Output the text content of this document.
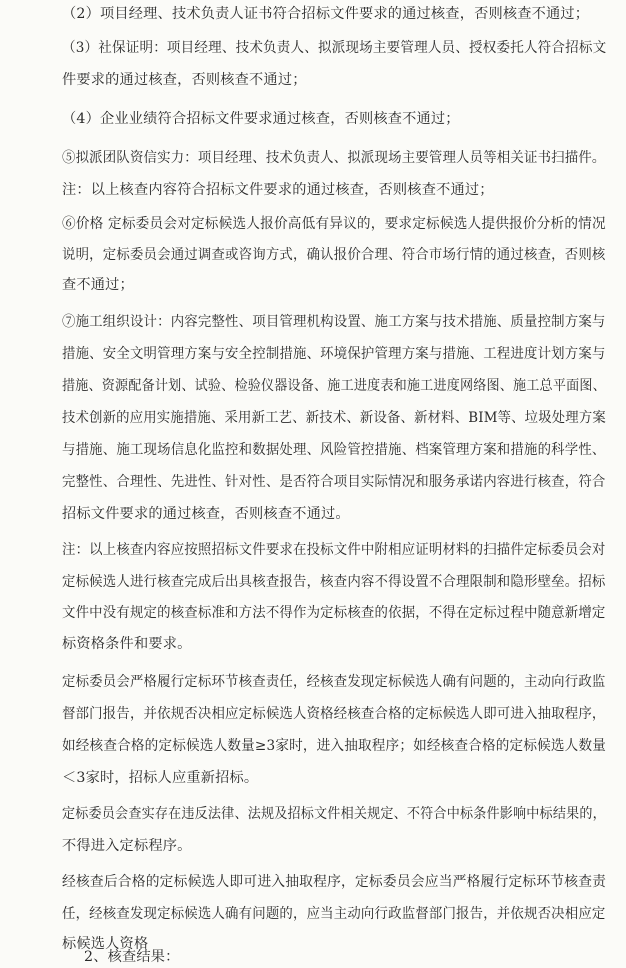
（2）项目经理、技术负责人证书符合招标文件要求的通过核查，否则核查不通过；
（3）社保证明：项目经理、技术负责人、拟派现场主要管理人员、授权委托人符合招标文
件要求的通过核查，否则核查不通过；
（4）企业业绩符合招标文件要求通过核查，否则核查不通过；
⑤拟派团队资信实力：项目经理、技术负责人、拟派现场主要管理人员等相关证书扫描件。
注：以上核查内容符合招标文件要求的通过核查，否则核查不通过；
⑥价格 定标委员会对定标候选人报价高低有异议的，要求定标候选人提供报价分析的情况
说明，定标委员会通过调查或咨询方式，确认报价合理、符合市场行情的通过核查，否则核
查不通过；
⑦施工组织设计：内容完整性、项目管理机构设置、施工方案与技术措施、质量控制方案与
措施、安全文明管理方案与安全控制措施、环境保护管理方案与措施、工程进度计划方案与
措施、资源配备计划、试验、检验仪器设备、施工进度表和施工进度网络图、施工总平面图、
技术创新的应用实施措施、采用新工艺、新技术、新设备、新材料、BIM等、垃圾处理方案
与措施、施工现场信息化监控和数据处理、风险管控措施、档案管理方案和措施的科学性、
完整性、合理性、先进性、针对性、是否符合项目实际情况和服务承诺内容进行核查，符合
招标文件要求的通过核查，否则核查不通过。
注：以上核查内容应按照招标文件要求在投标文件中附相应证明材料的扫描件定标委员会对
定标候选人进行核查完成后出具核查报告，核查内容不得设置不合理限制和隐形壁垒。招标
文件中没有规定的核查标准和方法不得作为定标核查的依据，不得在定标过程中随意新增定
标资格条件和要求。
定标委员会严格履行定标环节核查责任，经核查发现定标候选人确有问题的，主动向行政监
督部门报告，并依规否决相应定标候选人资格经核查合格的定标候选人即可进入抽取程序，
如经核查合格的定标候选人数量≥3家时，进入抽取程序；如经核查合格的定标候选人数量
＜3家时，招标人应重新招标。
定标委员会查实存在违反法律、法规及招标文件相关规定、不符合中标条件影响中标结果的，
不得进入定标程序。
经核查后合格的定标候选人即可进入抽取程序，定标委员会应当严格履行定标环节核查责
任，经核查发现定标候选人确有问题的，应当主动向行政监督部门报告，并依规否决相应定
标候选人资格
2、核查结果：
